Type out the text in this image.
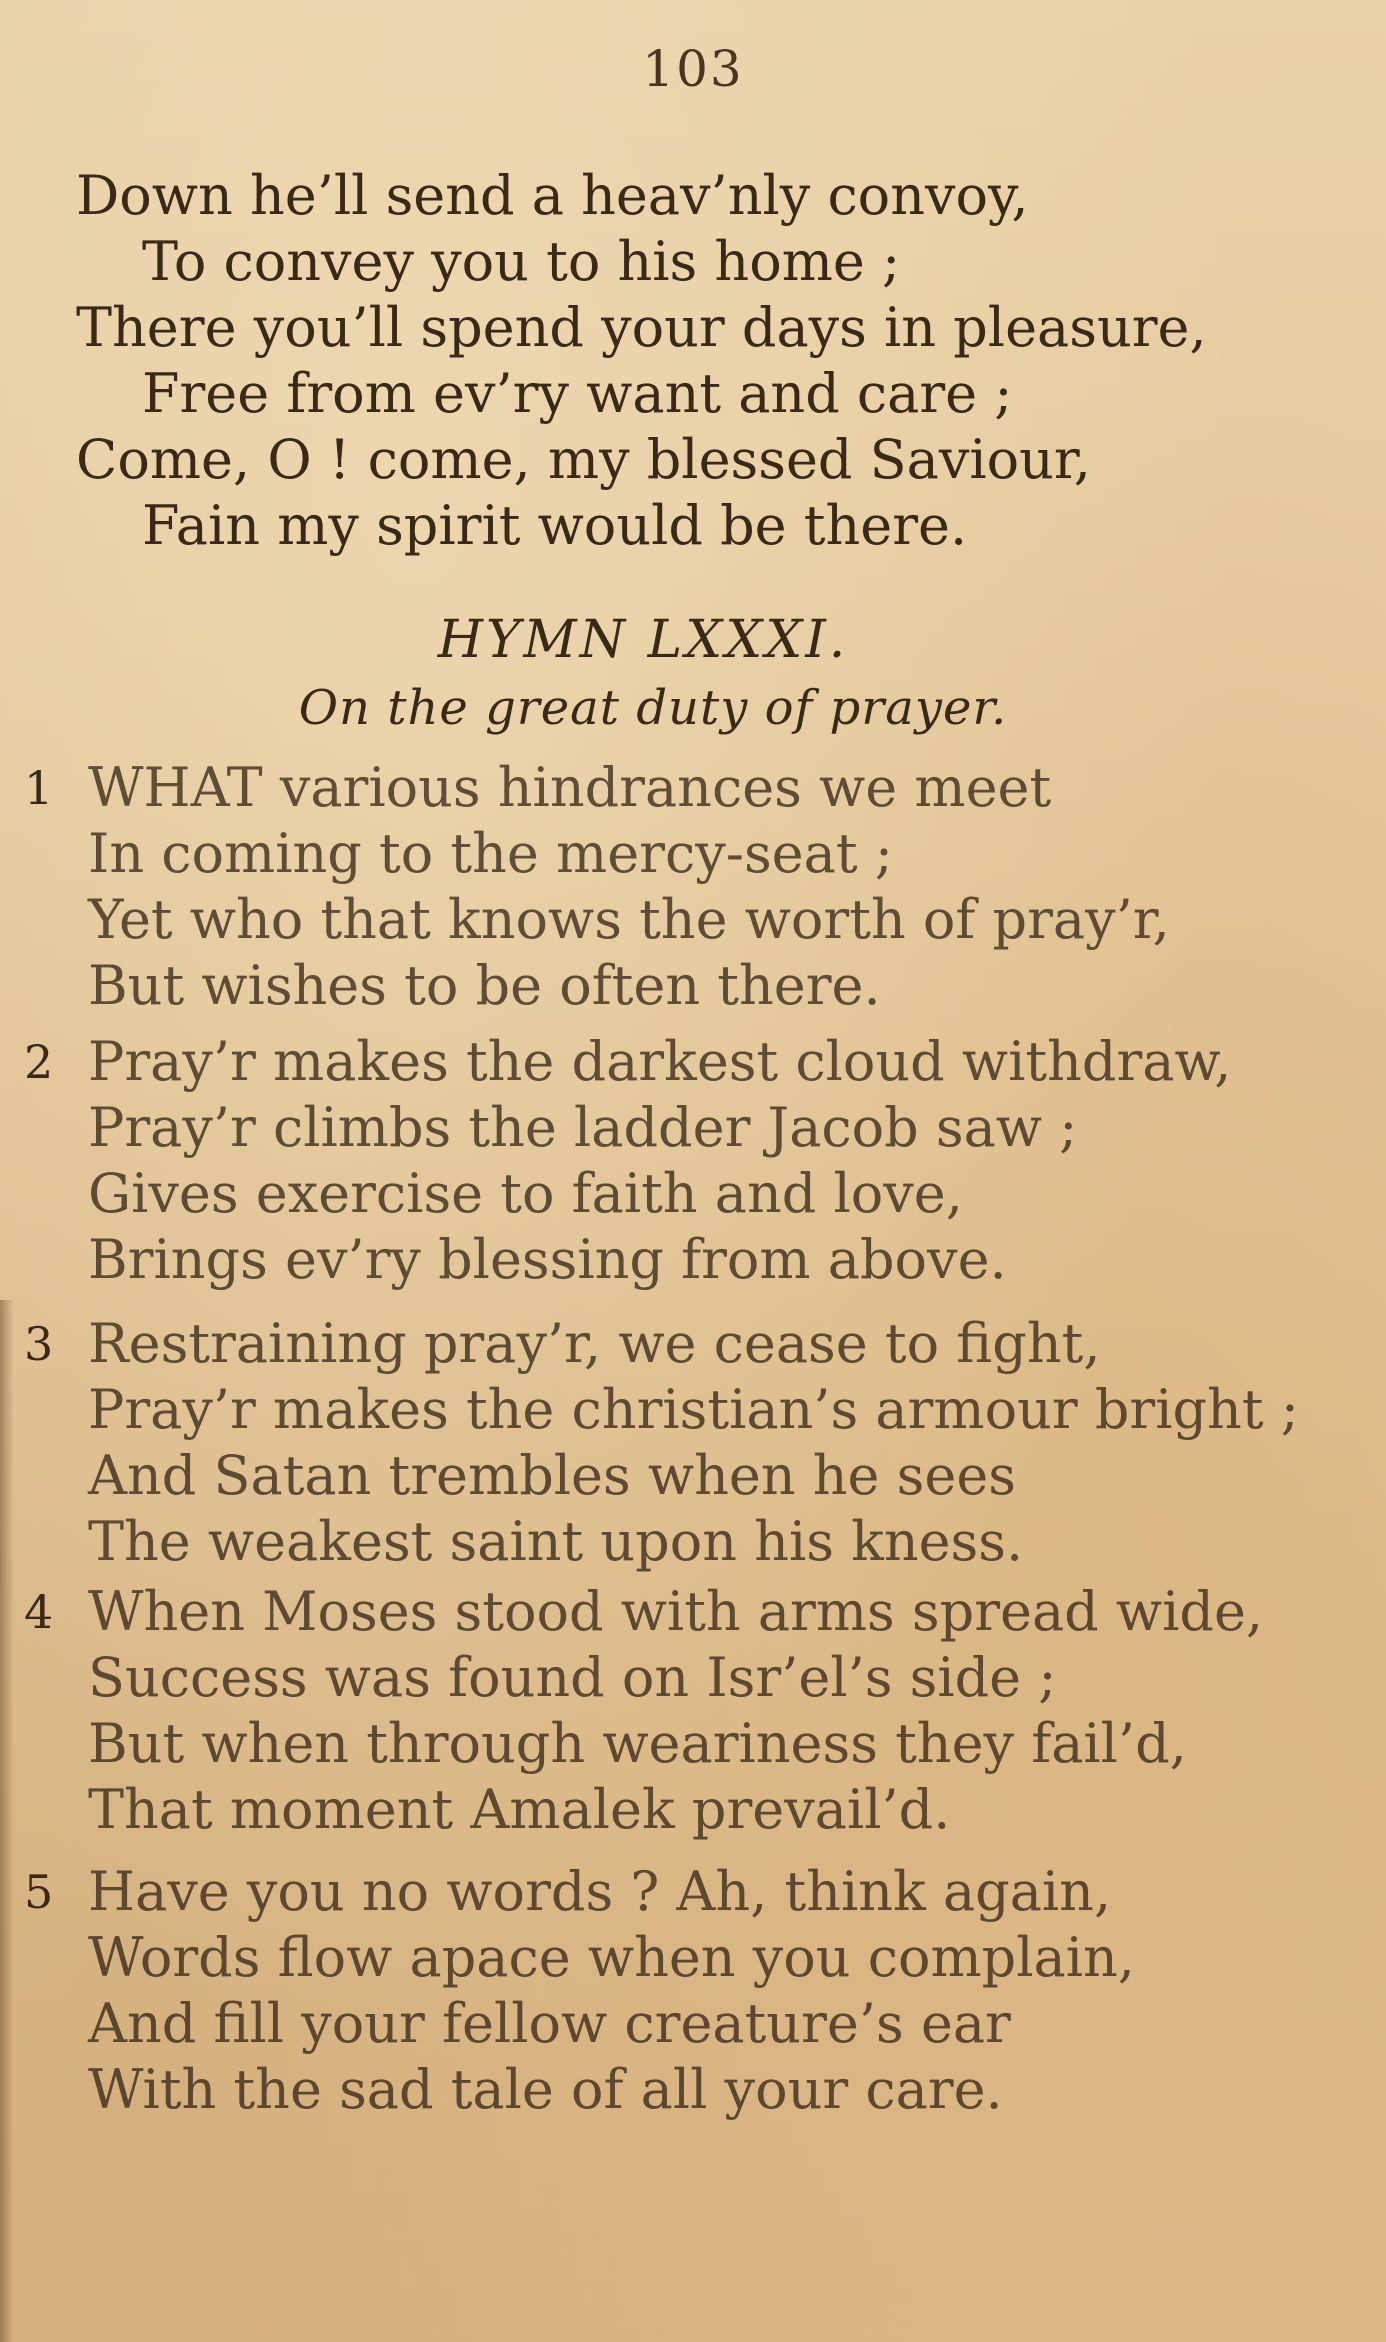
103
Down he’ll send a heav’nly convoy,
To convey you to his home ;
There you’ll spend your days in pleasure,
Free from ev’ry want and care ;
Come, O ! come, my blessed Saviour,
Fain my spirit would be there.
HYMN LXXXI.
On the great duty of prayer.
1 WHAT various hindrances we meet
In coming to the mercy-seat ;
Yet who that knows the worth of pray’r,
But wishes to be often there.
2 Pray’r makes the darkest cloud withdraw,
Pray’r climbs the ladder Jacob saw ;
Gives exercise to faith and love,
Brings ev’ry blessing from above.
3 Restraining pray’r, we cease to fight,
Pray’r makes the christian’s armour bright ;
And Satan trembles when he sees
The weakest saint upon his kness.
4 When Moses stood with arms spread wide,
Success was found on Isr’el’s side ;
But when through weariness they fail’d,
That moment Amalek prevail’d.
5 Have you no words ? Ah, think again,
Words flow apace when you complain,
And fill your fellow creature’s ear
With the sad tale of all your care.
